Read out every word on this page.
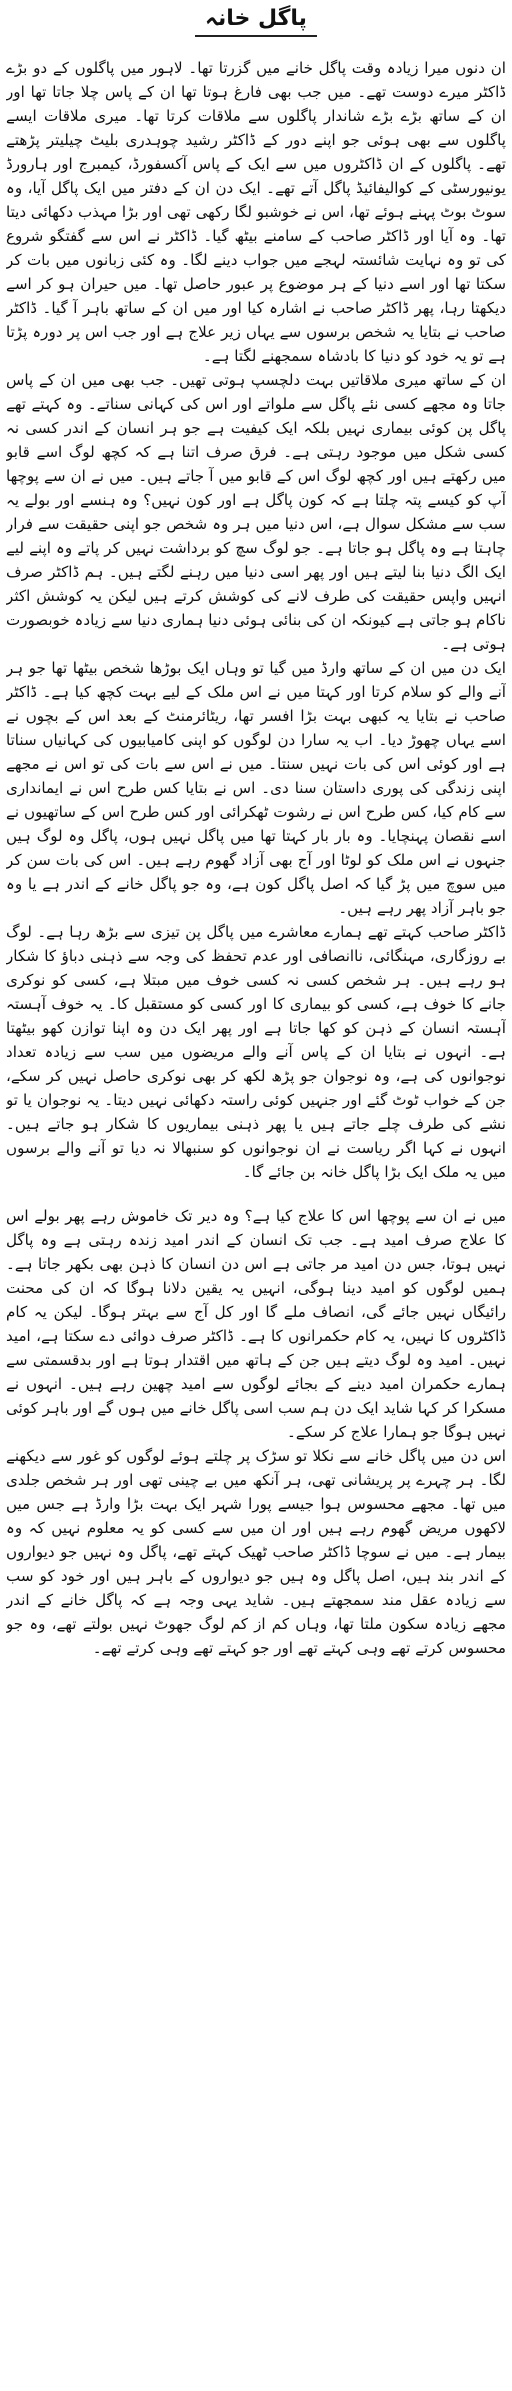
پاگل خانہ

ان دنوں میرا زیادہ وقت پاگل خانے میں گزرتا تھا۔ لاہور میں پاگلوں کے دو بڑے ڈاکٹر میرے دوست تھے۔ میں جب بھی فارغ ہوتا تھا ان کے پاس چلا جاتا تھا اور ان کے ساتھ بڑے بڑے شاندار پاگلوں سے ملاقات کرتا تھا۔ میری ملاقات ایسے پاگلوں سے بھی ہوئی جو اپنے دور کے ڈاکٹر رشید چوہدری بلیٹ چیلیتر پڑھتے تھے۔ پاگلوں کے ان ڈاکٹروں میں سے ایک کے پاس آکسفورڈ، کیمبرج اور ہارورڈ یونیورسٹی کے کوالیفائیڈ پاگل آتے تھے۔ ایک دن ان کے دفتر میں ایک پاگل آیا، وہ سوٹ بوٹ پہنے ہوئے تھا، اس نے خوشبو لگا رکھی تھی اور بڑا مہذب دکھائی دیتا تھا۔ وہ آیا اور ڈاکٹر صاحب کے سامنے بیٹھ گیا۔ ڈاکٹر نے اس سے گفتگو شروع کی تو وہ نہایت شائستہ لہجے میں جواب دینے لگا۔ وہ کئی زبانوں میں بات کر سکتا تھا اور اسے دنیا کے ہر موضوع پر عبور حاصل تھا۔ میں حیران ہو کر اسے دیکھتا رہا، پھر ڈاکٹر صاحب نے اشارہ کیا اور میں ان کے ساتھ باہر آ گیا۔ ڈاکٹر صاحب نے بتایا یہ شخص برسوں سے یہاں زیر علاج ہے اور جب اس پر دورہ پڑتا ہے تو یہ خود کو دنیا کا بادشاہ سمجھنے لگتا ہے۔

ان کے ساتھ میری ملاقاتیں بہت دلچسپ ہوتی تھیں۔ جب بھی میں ان کے پاس جاتا وہ مجھے کسی نئے پاگل سے ملواتے اور اس کی کہانی سناتے۔ وہ کہتے تھے پاگل پن کوئی بیماری نہیں بلکہ ایک کیفیت ہے جو ہر انسان کے اندر کسی نہ کسی شکل میں موجود رہتی ہے۔ فرق صرف اتنا ہے کہ کچھ لوگ اسے قابو میں رکھتے ہیں اور کچھ لوگ اس کے قابو میں آ جاتے ہیں۔ میں نے ان سے پوچھا آپ کو کیسے پتہ چلتا ہے کہ کون پاگل ہے اور کون نہیں؟ وہ ہنسے اور بولے یہ سب سے مشکل سوال ہے، اس دنیا میں ہر وہ شخص جو اپنی حقیقت سے فرار چاہتا ہے وہ پاگل ہو جاتا ہے۔ جو لوگ سچ کو برداشت نہیں کر پاتے وہ اپنے لیے ایک الگ دنیا بنا لیتے ہیں اور پھر اسی دنیا میں رہنے لگتے ہیں۔ ہم ڈاکٹر صرف انہیں واپس حقیقت کی طرف لانے کی کوشش کرتے ہیں لیکن یہ کوشش اکثر ناکام ہو جاتی ہے کیونکہ ان کی بنائی ہوئی دنیا ہماری دنیا سے زیادہ خوبصورت ہوتی ہے۔

ایک دن میں ان کے ساتھ وارڈ میں گیا تو وہاں ایک بوڑھا شخص بیٹھا تھا جو ہر آنے والے کو سلام کرتا اور کہتا میں نے اس ملک کے لیے بہت کچھ کیا ہے۔ ڈاکٹر صاحب نے بتایا یہ کبھی بہت بڑا افسر تھا، ریٹائرمنٹ کے بعد اس کے بچوں نے اسے یہاں چھوڑ دیا۔ اب یہ سارا دن لوگوں کو اپنی کامیابیوں کی کہانیاں سناتا ہے اور کوئی اس کی بات نہیں سنتا۔ میں نے اس سے بات کی تو اس نے مجھے اپنی زندگی کی پوری داستان سنا دی۔ اس نے بتایا کس طرح اس نے ایمانداری سے کام کیا، کس طرح اس نے رشوت ٹھکرائی اور کس طرح اس کے ساتھیوں نے اسے نقصان پہنچایا۔ وہ بار بار کہتا تھا میں پاگل نہیں ہوں، پاگل وہ لوگ ہیں جنہوں نے اس ملک کو لوٹا اور آج بھی آزاد گھوم رہے ہیں۔ اس کی بات سن کر میں سوچ میں پڑ گیا کہ اصل پاگل کون ہے، وہ جو پاگل خانے کے اندر ہے یا وہ جو باہر آزاد پھر رہے ہیں۔

ڈاکٹر صاحب کہتے تھے ہمارے معاشرے میں پاگل پن تیزی سے بڑھ رہا ہے۔ لوگ بے روزگاری، مہنگائی، ناانصافی اور عدم تحفظ کی وجہ سے ذہنی دباؤ کا شکار ہو رہے ہیں۔ ہر شخص کسی نہ کسی خوف میں مبتلا ہے، کسی کو نوکری جانے کا خوف ہے، کسی کو بیماری کا اور کسی کو مستقبل کا۔ یہ خوف آہستہ آہستہ انسان کے ذہن کو کھا جاتا ہے اور پھر ایک دن وہ اپنا توازن کھو بیٹھتا ہے۔ انہوں نے بتایا ان کے پاس آنے والے مریضوں میں سب سے زیادہ تعداد نوجوانوں کی ہے، وہ نوجوان جو پڑھ لکھ کر بھی نوکری حاصل نہیں کر سکے، جن کے خواب ٹوٹ گئے اور جنہیں کوئی راستہ دکھائی نہیں دیتا۔ یہ نوجوان یا تو نشے کی طرف چلے جاتے ہیں یا پھر ذہنی بیماریوں کا شکار ہو جاتے ہیں۔ انہوں نے کہا اگر ریاست نے ان نوجوانوں کو سنبھالا نہ دیا تو آنے والے برسوں میں یہ ملک ایک بڑا پاگل خانہ بن جائے گا۔

میں نے ان سے پوچھا اس کا علاج کیا ہے؟ وہ دیر تک خاموش رہے پھر بولے اس کا علاج صرف امید ہے۔ جب تک انسان کے اندر امید زندہ رہتی ہے وہ پاگل نہیں ہوتا، جس دن امید مر جاتی ہے اس دن انسان کا ذہن بھی بکھر جاتا ہے۔ ہمیں لوگوں کو امید دینا ہوگی، انہیں یہ یقین دلانا ہوگا کہ ان کی محنت رائیگاں نہیں جائے گی، انصاف ملے گا اور کل آج سے بہتر ہوگا۔ لیکن یہ کام ڈاکٹروں کا نہیں، یہ کام حکمرانوں کا ہے۔ ڈاکٹر صرف دوائی دے سکتا ہے، امید نہیں۔ امید وہ لوگ دیتے ہیں جن کے ہاتھ میں اقتدار ہوتا ہے اور بدقسمتی سے ہمارے حکمران امید دینے کے بجائے لوگوں سے امید چھین رہے ہیں۔ انہوں نے مسکرا کر کہا شاید ایک دن ہم سب اسی پاگل خانے میں ہوں گے اور باہر کوئی نہیں ہوگا جو ہمارا علاج کر سکے۔

اس دن میں پاگل خانے سے نکلا تو سڑک پر چلتے ہوئے لوگوں کو غور سے دیکھنے لگا۔ ہر چہرے پر پریشانی تھی، ہر آنکھ میں بے چینی تھی اور ہر شخص جلدی میں تھا۔ مجھے محسوس ہوا جیسے پورا شہر ایک بہت بڑا وارڈ ہے جس میں لاکھوں مریض گھوم رہے ہیں اور ان میں سے کسی کو یہ معلوم نہیں کہ وہ بیمار ہے۔ میں نے سوچا ڈاکٹر صاحب ٹھیک کہتے تھے، پاگل وہ نہیں جو دیواروں کے اندر بند ہیں، اصل پاگل وہ ہیں جو دیواروں کے باہر ہیں اور خود کو سب سے زیادہ عقل مند سمجھتے ہیں۔ شاید یہی وجہ ہے کہ پاگل خانے کے اندر مجھے زیادہ سکون ملتا تھا، وہاں کم از کم لوگ جھوٹ نہیں بولتے تھے، وہ جو محسوس کرتے تھے وہی کہتے تھے اور جو کہتے تھے وہی کرتے تھے۔
